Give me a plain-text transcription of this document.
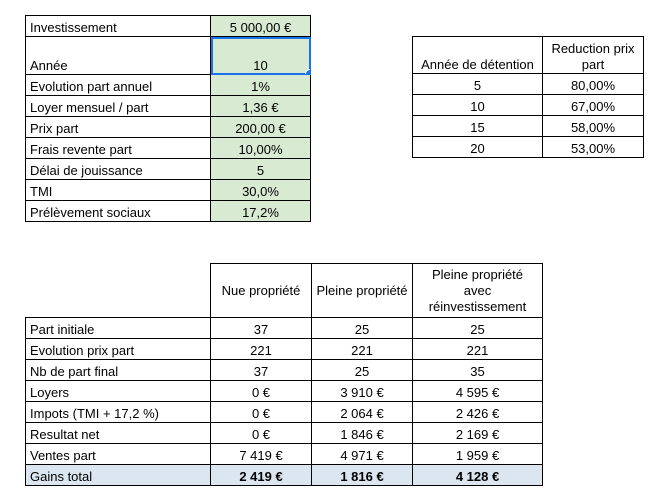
Investissement	5 000,00 €
Année	10

Evolution part annuel	1%
Loyer mensuel / part	1,36 €
Prix part	200,00 €
Frais revente part	10,00%
Délai de jouissance	5
TMI	30,0%
Prélèvement sociaux	17,2%
Année de détention	Reduction prix part
5	80,00%
10	67,00%
15	58,00%
20	53,00%
	Nue propriété	Pleine propriété	Pleine propriété avec réinvestissement
Part initiale	37	25	25
Evolution prix part	221	221	221
Nb de part final	37	25	35
Loyers	0 €	3 910 €	4 595 €
Impots (TMI + 17,2 %)	0 €	2 064 €	2 426 €
Resultat net	0 €	1 846 €	2 169 €
Ventes part	7 419 €	4 971 €	1 959 €
Gains total	2 419 €	1 816 €	4 128 €
